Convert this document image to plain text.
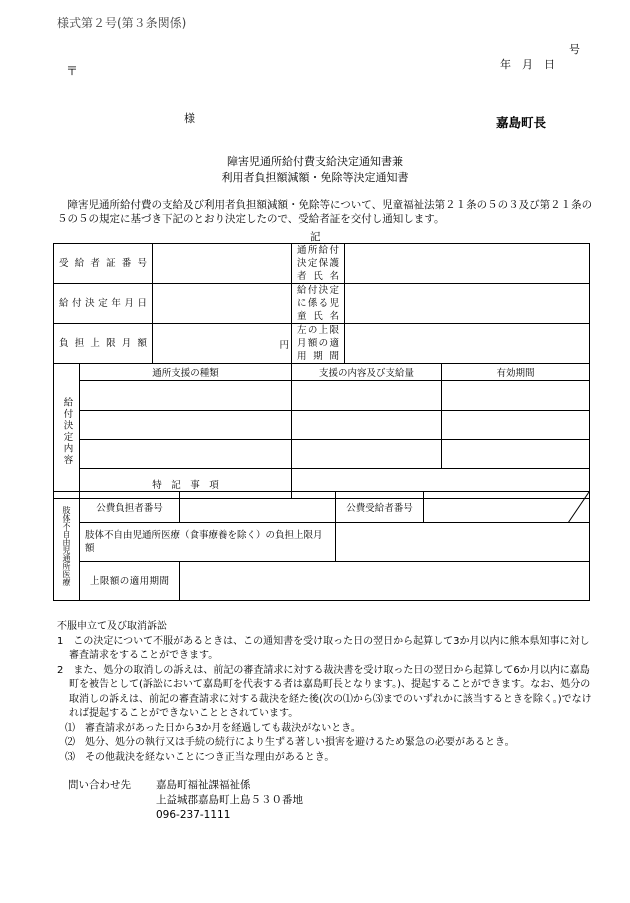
様式第２号(第３条関係)
号
年　月　日
〒
様	嘉島町長
障害児通所給付費支給決定通知書兼
利用者負担額減額・免除等決定通知書
障害児通所給付費の支給及び利用者負担額減額・免除等について、児童福祉法第２１条の５の３及び第２１条の５の５の規定に基づき下記のとおり決定したので、受給者証を交付し通知します。
記
受給者証番号			通所給付決定保護者氏名		
給付決定年月日			給付決定に係る児童氏名		
負担上限月額		円	左の上限月額の適用期間		
給付決定内容	通所支援の種類		支援の内容及び支給量		有効期間

	特　記　事　項				
肢体不自由児通所医療	公費負担者番号		公費受給者番号	

	肢体不自由児通所医療（食事療養を除く）の負担上限月額			
	上限額の適用期間			

不服申立て及び取消訴訟

1　この決定について不服があるときは、この通知書を受け取った日の翌日から起算して3か月以内に熊本県知事に対し審査請求をすることができます。

2　また、処分の取消しの訴えは、前記の審査請求に対する裁決書を受け取った日の翌日から起算して6か月以内に嘉島町を被告として(訴訟において嘉島町を代表する者は嘉島町長となります。)、提起することができます。なお、処分の取消しの訴えは、前記の審査請求に対する裁決を経た後(次の⑴から⑶までのいずれかに該当するときを除く。)でなければ提起することができないこととされています。

⑴　審査請求があった日から3か月を経過しても裁決がないとき。

⑵　処分、処分の執行又は手続の続行により生ずる著しい損害を避けるため緊急の必要があるとき。

⑶　その他裁決を経ないことにつき正当な理由があるとき。

問い合わせ先	嘉島町福祉課福祉係
上益城郡嘉島町上島５３０番地
096-237-1111
